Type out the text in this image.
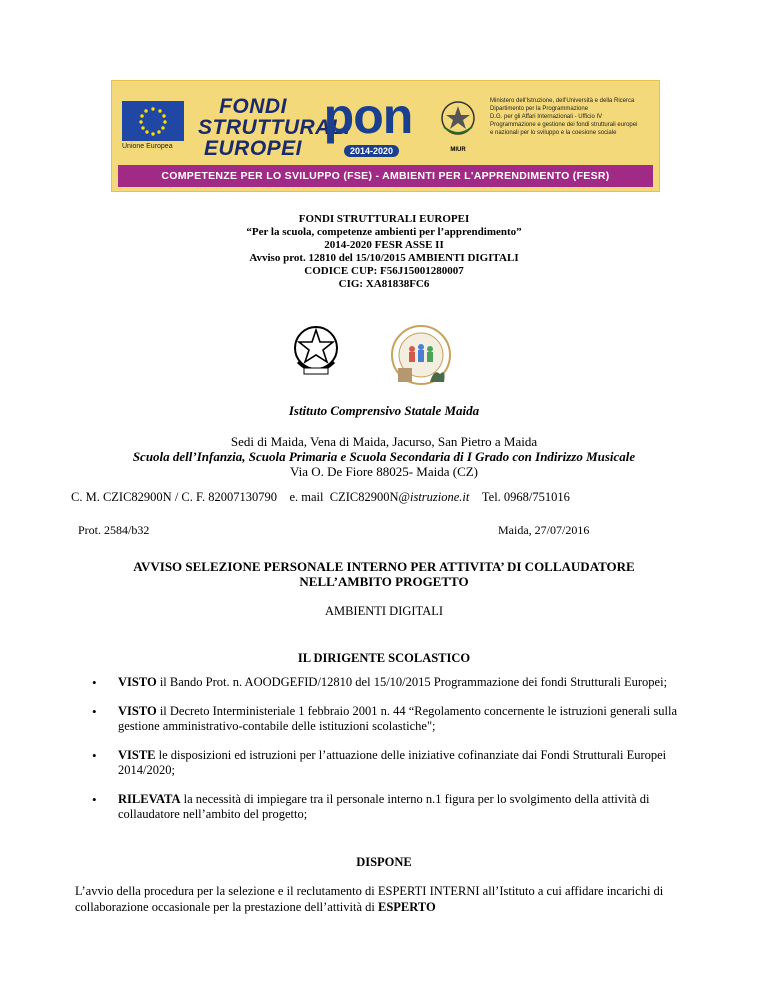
Unione Europea
FONDI
STRUTTURALI
EUROPEI
pon
2014-2020	MIUR
Ministero dell'Istruzione, dell'Università e della Ricerca
Dipartimento per la Programmazione
D.G. per gli Affari Internazionali - Ufficio IV
Programmazione e gestione dei fondi strutturali europei
e nazionali per lo sviluppo e la coesione sociale
COMPETENZE PER LO SVILUPPO (FSE) - AMBIENTI PER L'APPRENDIMENTO (FESR)
FONDI STRUTTURALI EUROPEI
“Per la scuola, competenze ambienti per l’apprendimento”
2014-2020 FESR ASSE II
Avviso prot. 12810 del 15/10/2015 AMBIENTI DIGITALI
CODICE CUP: F56J15001280007
CIG: XA81838FC6
Istituto Comprensivo Statale Maida
Sedi di Maida, Vena di Maida, Jacurso, San Pietro a Maida
Scuola dell’Infanzia, Scuola Primaria e Scuola Secondaria di I Grado con Indirizzo Musicale
Via O. De Fiore 88025- Maida (CZ)
C. M. CZIC82900N / C. F. 82007130790 e. mail CZIC82900N@istruzione.it Tel. 0968/751016
Prot. 2584/b32	Maida, 27/07/2016
AVVISO SELEZIONE PERSONALE INTERNO PER ATTIVITA’ DI COLLAUDATORE
NELL’AMBITO PROGETTO
AMBIENTI DIGITALI
IL DIRIGENTE SCOLASTICO
• VISTO il Bando Prot. n. AOODGEFID/12810 del 15/10/2015 Programmazione dei fondi Strutturali Europei;
• VISTO il Decreto Interministeriale 1 febbraio 2001 n. 44 “Regolamento concernente le istruzioni generali sulla gestione amministrativo-contabile delle istituzioni scolastiche";
• VISTE le disposizioni ed istruzioni per l’attuazione delle iniziative cofinanziate dai Fondi Strutturali Europei 2014/2020;
• RILEVATA la necessità di impiegare tra il personale interno n.1 figura per lo svolgimento della attività di collaudatore nell’ambito del progetto;
DISPONE
L’avvio della procedura per la selezione e il reclutamento di ESPERTI INTERNI all’Istituto a cui affidare incarichi di collaborazione occasionale per la prestazione dell’attività di ESPERTO
